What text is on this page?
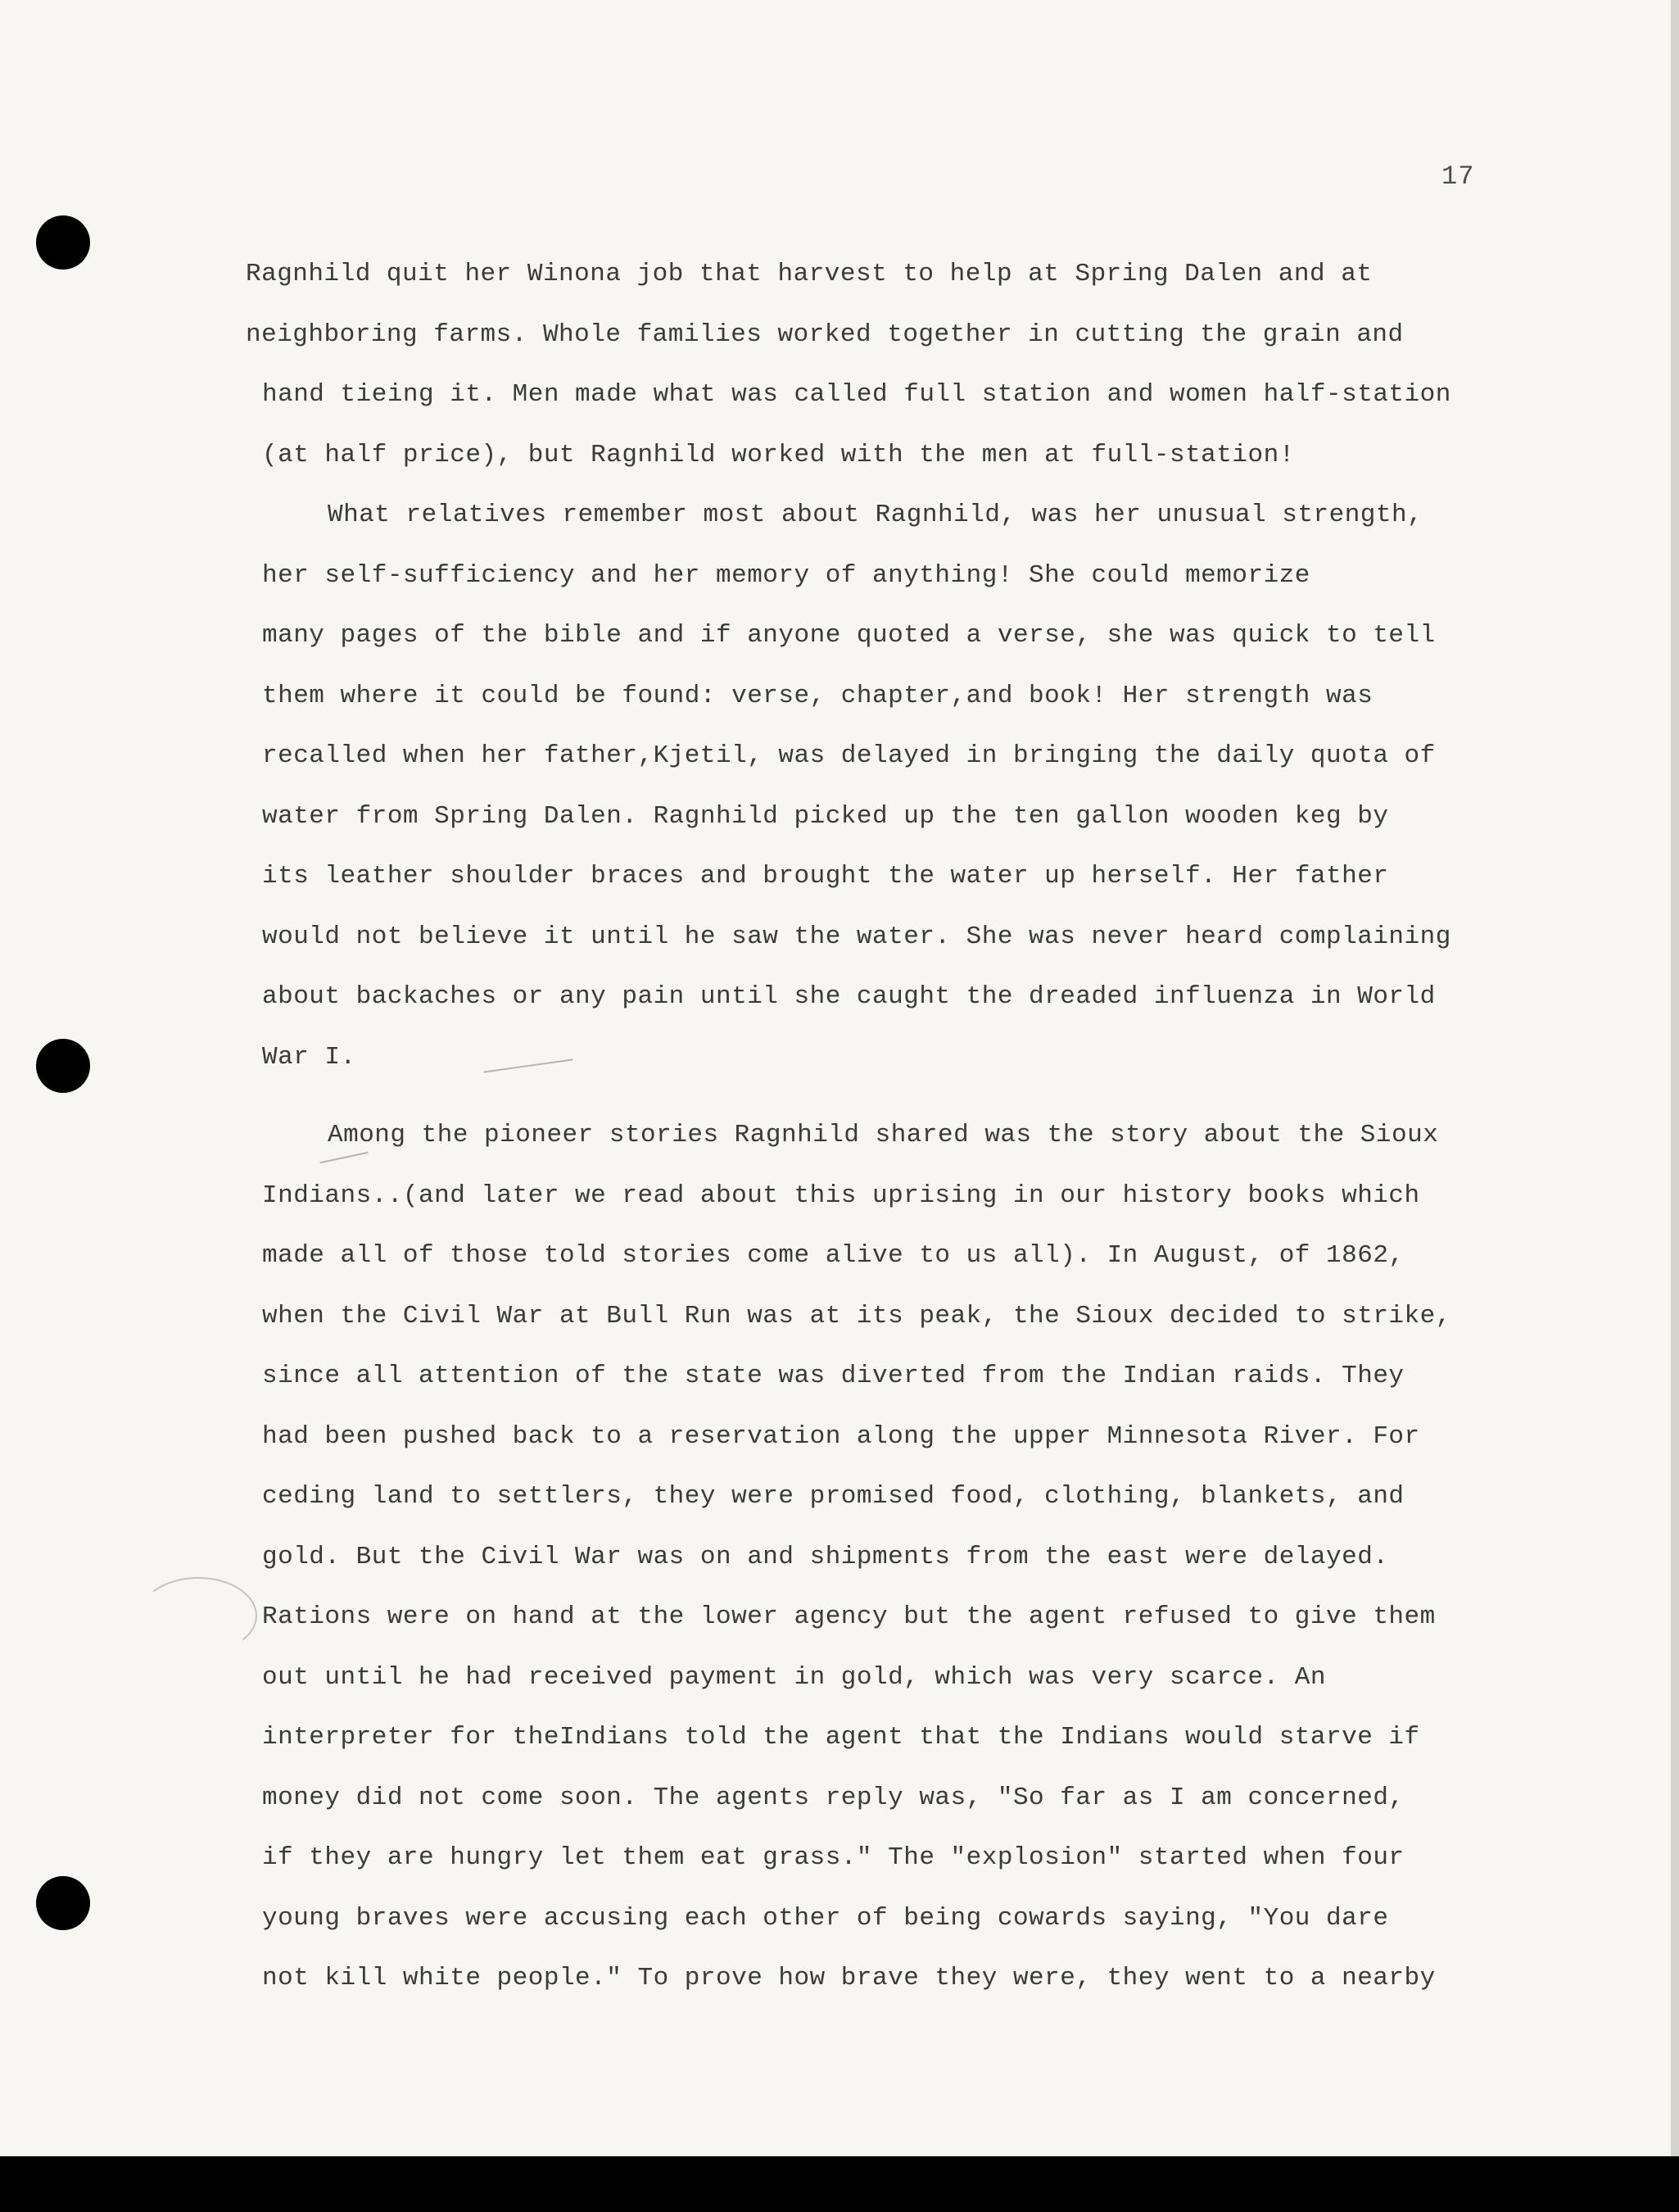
17
Ragnhild quit her Winona job that harvest to help at Spring Dalen and at
neighboring farms. Whole families worked together in cutting the grain and
hand tieing it. Men made what was called full station and women half-station
(at half price), but Ragnhild worked with the men at full-station!
What relatives remember most about Ragnhild, was her unusual strength,
her self-sufficiency and her memory of anything! She could memorize
many pages of the bible and if anyone quoted a verse, she was quick to tell
them where it could be found: verse, chapter,and book! Her strength was
recalled when her father,Kjetil, was delayed in bringing the daily quota of
water from Spring Dalen. Ragnhild picked up the ten gallon wooden keg by
its leather shoulder braces and brought the water up herself. Her father
would not believe it until he saw the water. She was never heard complaining
about backaches or any pain until she caught the dreaded influenza in World
War I.
Among the pioneer stories Ragnhild shared was the story about the Sioux
Indians..(and later we read about this uprising in our history books which
made all of those told stories come alive to us all). In August, of 1862,
when the Civil War at Bull Run was at its peak, the Sioux decided to strike,
since all attention of the state was diverted from the Indian raids. They
had been pushed back to a reservation along the upper Minnesota River. For
ceding land to settlers, they were promised food, clothing, blankets, and
gold. But the Civil War was on and shipments from the east were delayed.
Rations were on hand at the lower agency but the agent refused to give them
out until he had received payment in gold, which was very scarce. An
interpreter for theIndians told the agent that the Indians would starve if
money did not come soon. The agents reply was, "So far as I am concerned,
if they are hungry let them eat grass." The "explosion" started when four
young braves were accusing each other of being cowards saying, "You dare
not kill white people." To prove how brave they were, they went to a nearby
